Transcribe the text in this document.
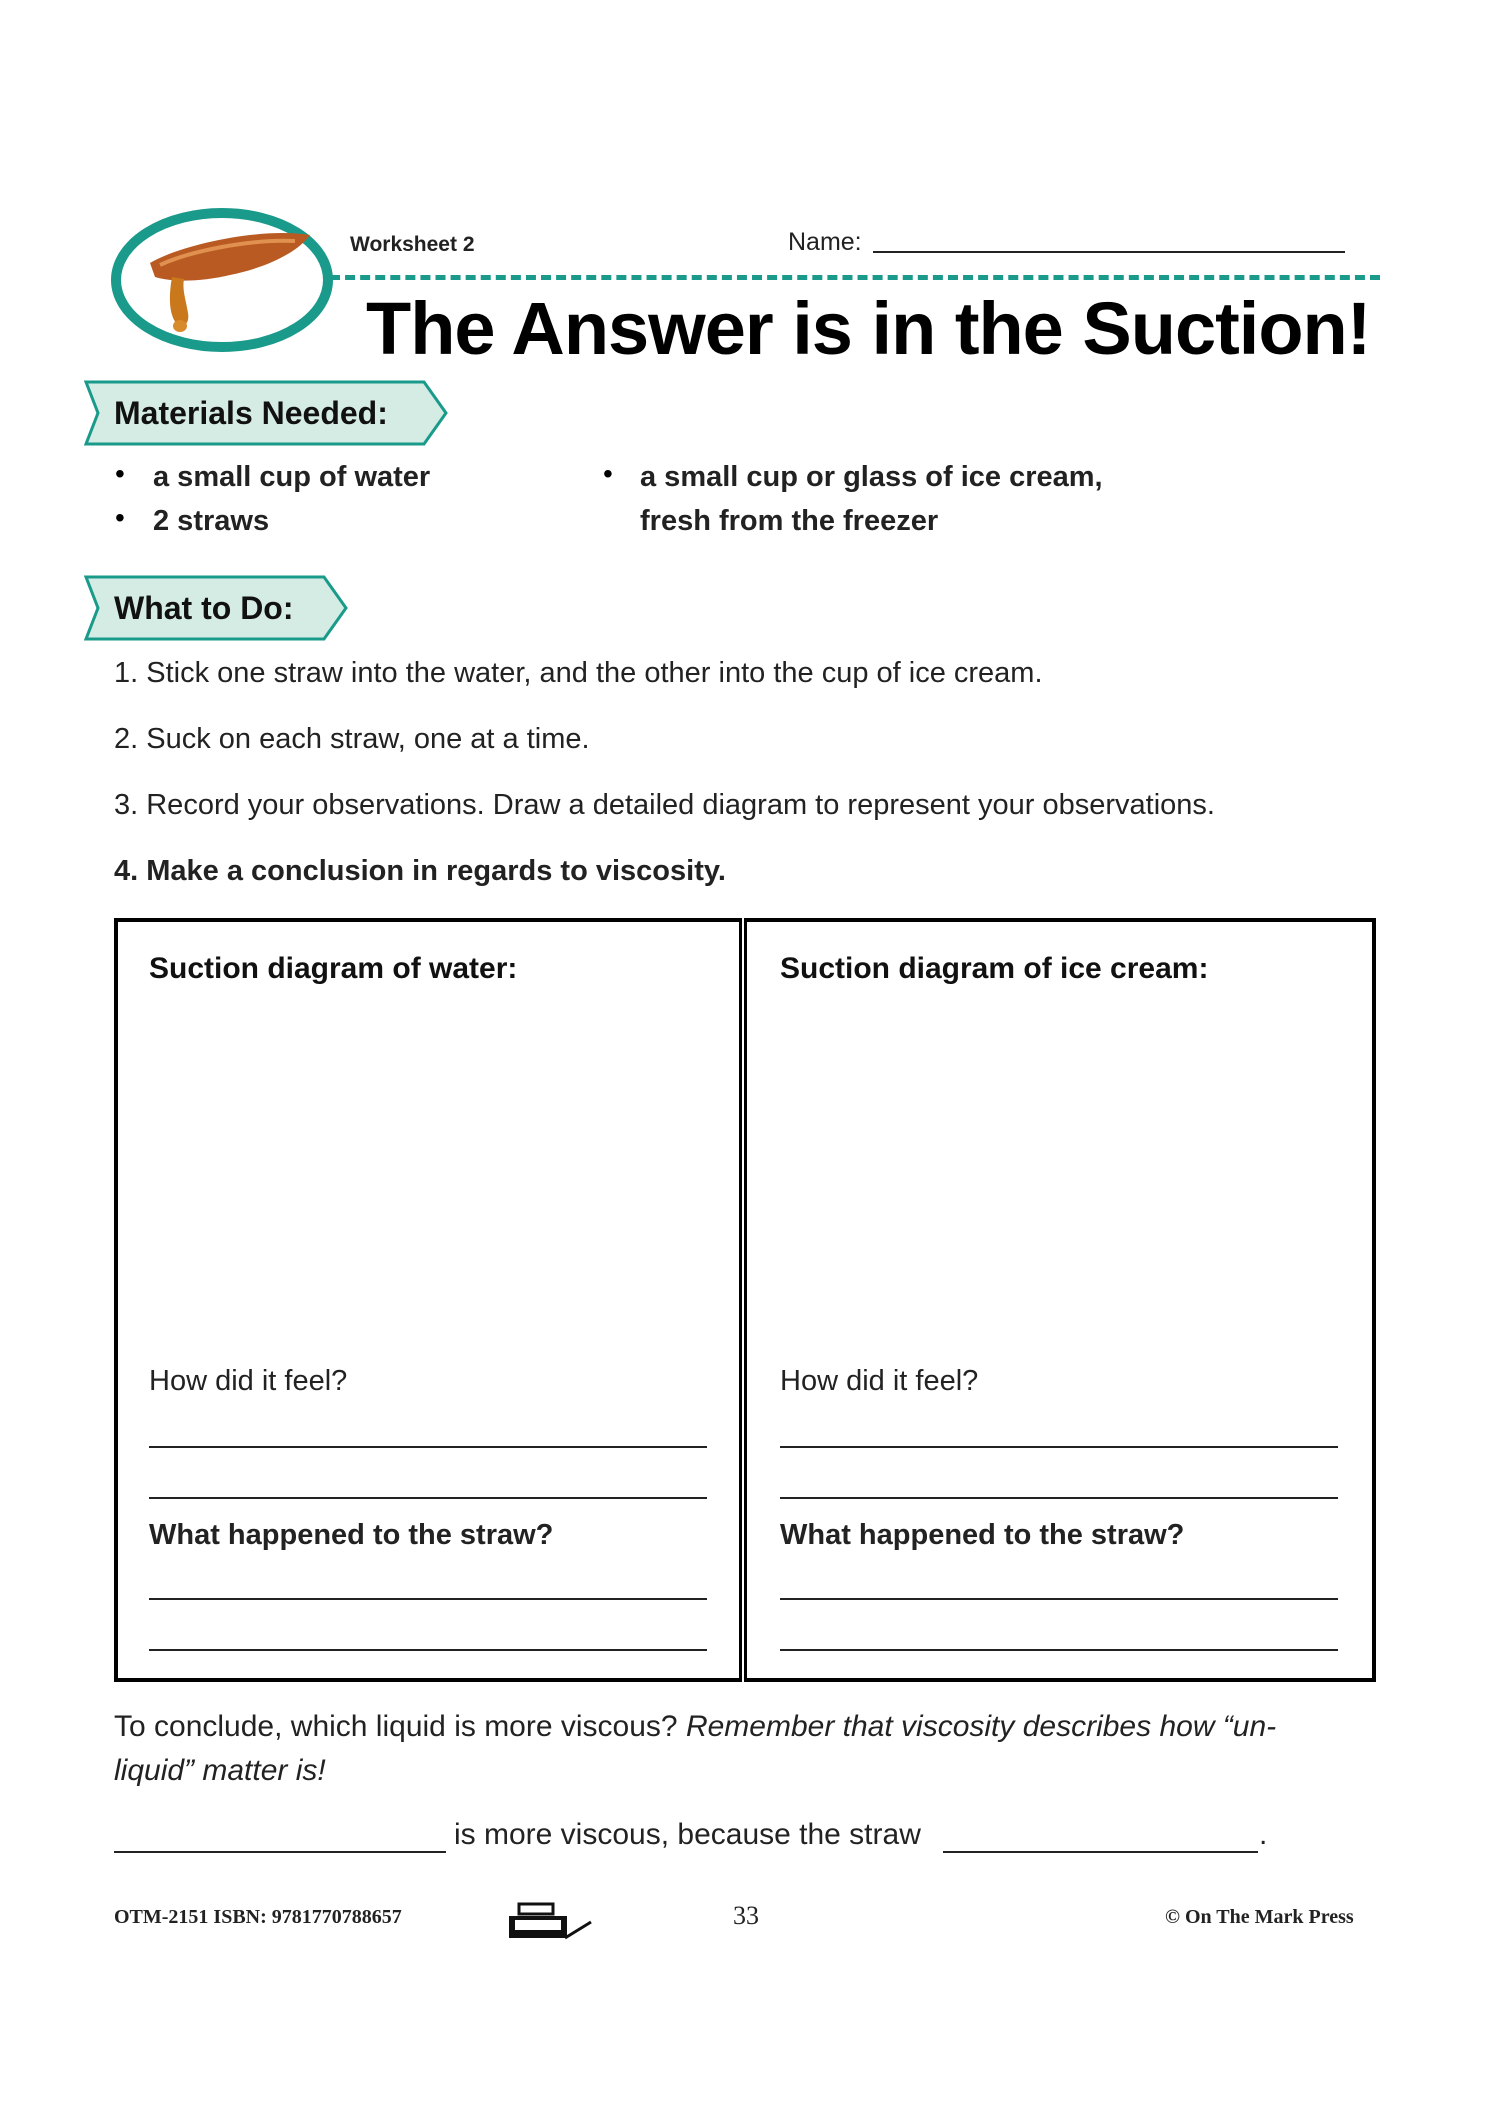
Worksheet 2	Name:
The Answer is in the Suction!
Materials Needed:
• a small cup of water
• 2 straws
• a small cup or glass of ice cream,
fresh from the freezer
What to Do:
1. Stick one straw into the water, and the other into the cup of ice cream.
2. Suck on each straw, one at a time.
3. Record your observations. Draw a detailed diagram to represent your observations.
4. Make a conclusion in regards to viscosity.
Suction diagram of water:
How did it feel?
What happened to the straw?
Suction diagram of ice cream:
How did it feel?
What happened to the straw?
To conclude, which liquid is more viscous? Remember that viscosity describes how “un-liquid” matter is!
is more viscous, because the straw	.
OTM-2151 ISBN: 9781770788657	33	© On The Mark Press
